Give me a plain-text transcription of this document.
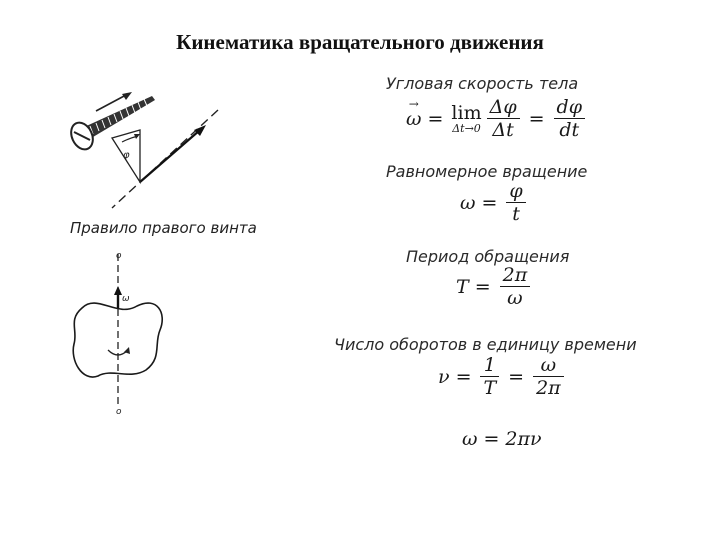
Кинематика вращательного движения
φ
Правило правого винта
ω
o
o
Угловая скорость тела
→ ω = lim
$\Delta t\to 0 \frac{\Delta\varphi}{\Delta t} = \frac{d\varphi}{dt}$
Равномерное вращение
$\omega = \frac{\varphi}{t}$
Период обращения
$T = \frac{2\pi}{\omega}$
Число оборотов в единицу времени
$\nu = \frac{1}{T} = \frac{\omega}{2\pi}$
ω = 2πν
